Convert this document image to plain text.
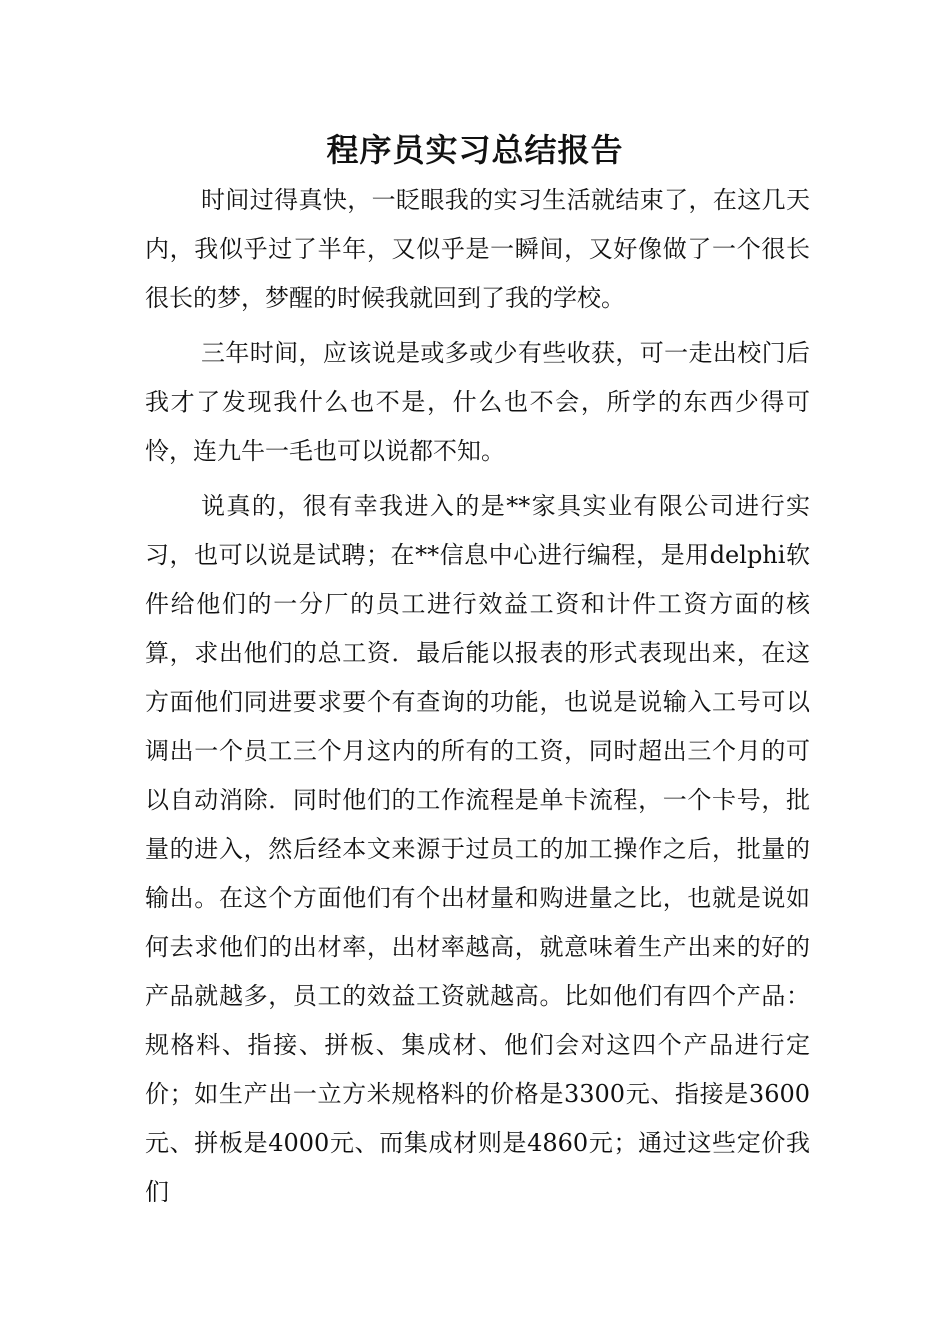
程序员实习总结报告

时间过得真快，一眨眼我的实习生活就结束了，在这几天内，我似乎过了半年，又似乎是一瞬间，又好像做了一个很长很长的梦，梦醒的时候我就回到了我的学校。

三年时间，应该说是或多或少有些收获，可一走出校门后我才了发现我什么也不是，什么也不会，所学的东西少得可怜，连九牛一毛也可以说都不知。

说真的，很有幸我进入的是**家具实业有限公司进行实习，也可以说是试聘；在**信息中心进行编程，是用delphi软件给他们的一分厂的员工进行效益工资和计件工资方面的核算，求出他们的总工资．最后能以报表的形式表现出来，在这方面他们同进要求要个有查询的功能，也说是说输入工号可以调出一个员工三个月这内的所有的工资，同时超出三个月的可以自动消除．同时他们的工作流程是单卡流程，一个卡号，批量的进入，然后经本文来源于过员工的加工操作之后，批量的输出。在这个方面他们有个出材量和购进量之比，也就是说如何去求他们的出材率，出材率越高，就意味着生产出来的好的产品就越多，员工的效益工资就越高。比如他们有四个产品：规格料、指接、拼板、集成材、他们会对这四个产品进行定价；如生产出一立方米规格料的价格是3300元、指接是3600元、拼板是4000元、而集成材则是4860元；通过这些定价我们
